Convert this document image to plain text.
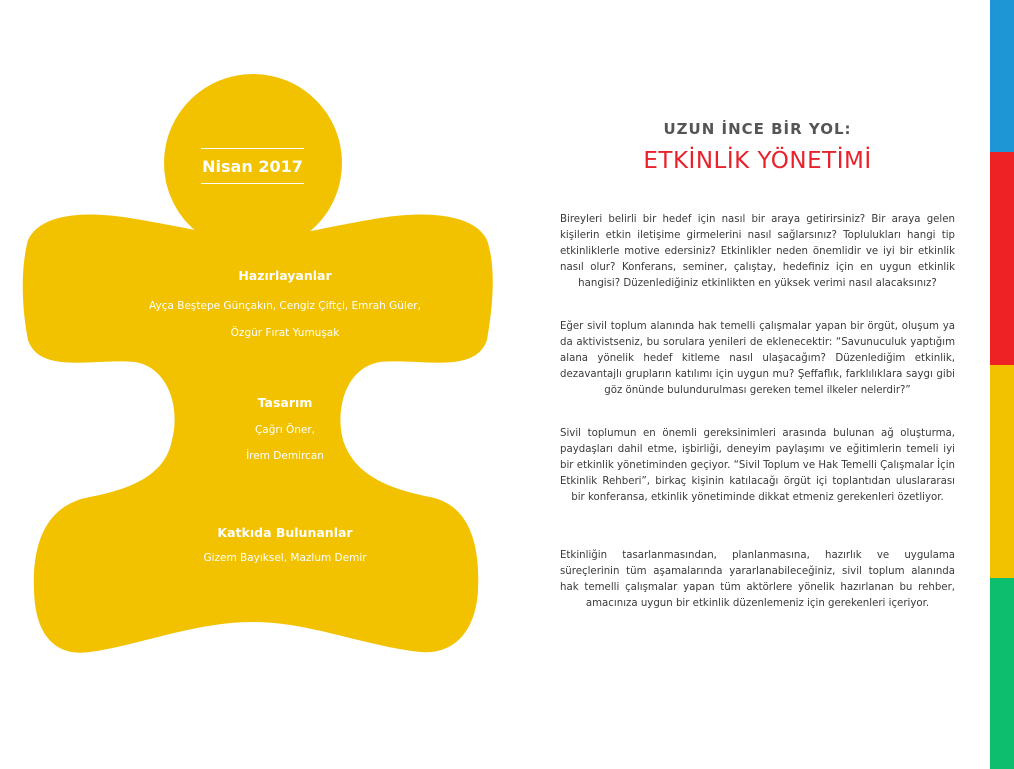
Nisan 2017

Hazırlayanlar

Ayça Beştepe Günçakın, Cengiz Çiftçi, Emrah Güler,

Özgür Fırat Yumuşak

Tasarım

Çağrı Öner,

İrem Demircan

Katkıda Bulunanlar

Gizem Bayıksel, Mazlum Demir

UZUN İNCE BİR YOL:
ETKİNLİK YÖNETİMİ

Bireyleri belirli bir hedef için nasıl bir araya getirirsiniz? Bir araya gelen kişilerin etkin iletişime girmelerini nasıl sağlarsınız? Toplulukları hangi tip etkinliklerle motive edersiniz? Etkinlikler neden önemlidir ve iyi bir etkinlik nasıl olur? Konferans, seminer, çalıştay, hedefiniz için en uygun etkinlik hangisi? Düzenlediğiniz etkinlikten en yüksek verimi nasıl alacaksınız?

Eğer sivil toplum alanında hak temelli çalışmalar yapan bir örgüt, oluşum ya da aktivistseniz, bu sorulara yenileri de eklenecektir: “Savunuculuk yaptığım alana yönelik hedef kitleme nasıl ulaşacağım? Düzenlediğim etkinlik, dezavantajlı grupların katılımı için uygun mu? Şeffaflık, farklılıklara saygı gibi göz önünde bulundurulması gereken temel ilkeler nelerdir?”

Sivil toplumun en önemli gereksinimleri arasında bulunan ağ oluşturma, paydaşları dahil etme, işbirliği, deneyim paylaşımı ve eğitimlerin temeli iyi bir etkinlik yönetiminden geçiyor. “Sivil Toplum ve Hak Temelli Çalışmalar İçin Etkinlik Rehberi”, birkaç kişinin katılacağı örgüt içi toplantıdan uluslararası bir konferansa, etkinlik yönetiminde dikkat etmeniz gerekenleri özetliyor.

Etkinliğin tasarlanmasından, planlanmasına, hazırlık ve uygulama süreçlerinin tüm aşamalarında yararlanabileceğiniz, sivil toplum alanında hak temelli çalışmalar yapan tüm aktörlere yönelik hazırlanan bu rehber, amacınıza uygun bir etkinlik düzenlemeniz için gerekenleri içeriyor.
